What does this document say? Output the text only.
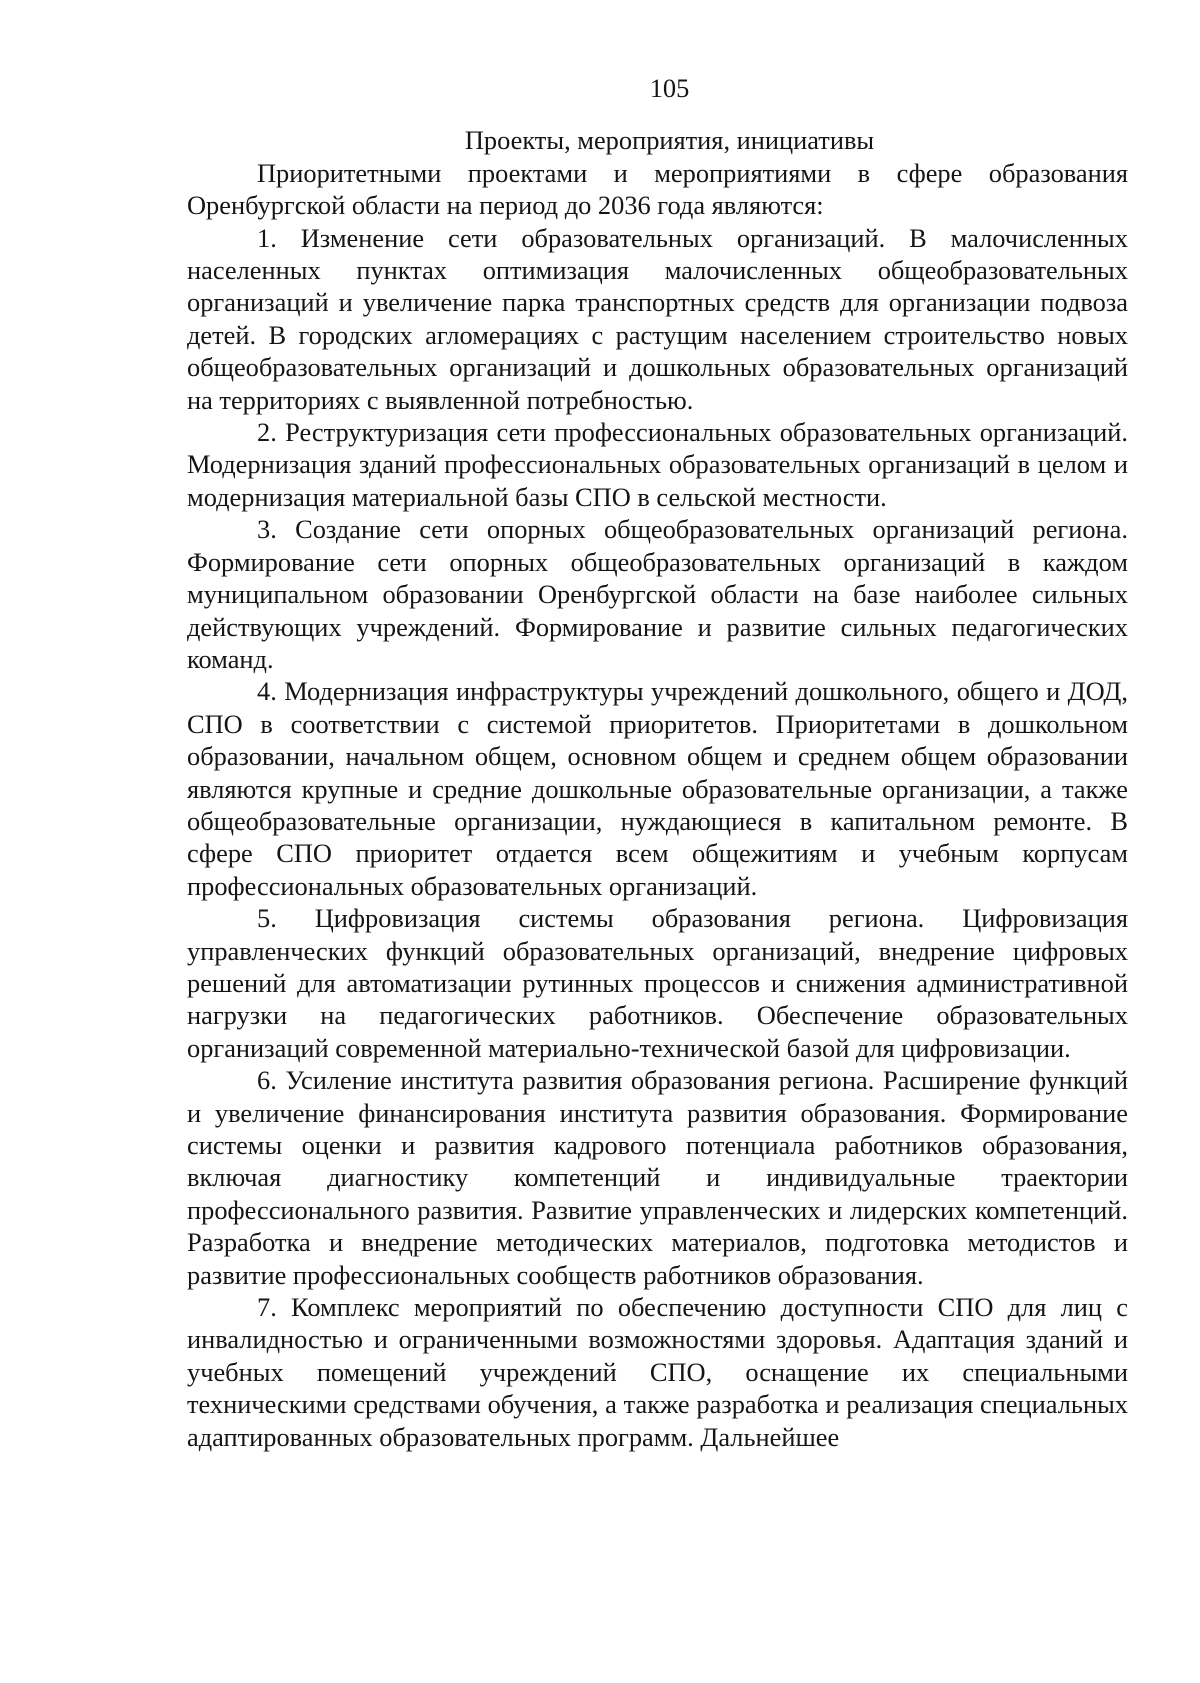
105

Проекты, мероприятия, инициативы

Приоритетными проектами и мероприятиями в сфере образования Оренбургской области на период до 2036 года являются:

1. Изменение сети образовательных организаций. В малочисленных населенных пунктах оптимизация малочисленных общеобразовательных организаций и увеличение парка транспортных средств для организации подвоза детей. В городских агломерациях с растущим населением строительство новых общеобразовательных организаций и дошкольных образовательных организаций на территориях с выявленной потребностью.

2. Реструктуризация сети профессиональных образовательных организаций. Модернизация зданий профессиональных образовательных организаций в целом и модернизация материальной базы СПО в сельской местности.

3. Создание сети опорных общеобразовательных организаций региона. Формирование сети опорных общеобразовательных организаций в каждом муниципальном образовании Оренбургской области на базе наиболее сильных действующих учреждений. Формирование и развитие сильных педагогических команд.

4. Модернизация инфраструктуры учреждений дошкольного, общего и ДОД, СПО в соответствии с системой приоритетов. Приоритетами в дошкольном образовании, начальном общем, основном общем и среднем общем образовании являются крупные и средние дошкольные образовательные организации, а также общеобразовательные организации, нуждающиеся в капитальном ремонте. В сфере СПО приоритет отдается всем общежитиям и учебным корпусам профессиональных образовательных организаций.

5. Цифровизация системы образования региона. Цифровизация управленческих функций образовательных организаций, внедрение цифровых решений для автоматизации рутинных процессов и снижения административной нагрузки на педагогических работников. Обеспечение образовательных организаций современной материально-технической базой для цифровизации.

6. Усиление института развития образования региона. Расширение функций и увеличение финансирования института развития образования. Формирование системы оценки и развития кадрового потенциала работников образования, включая диагностику компетенций и индивидуальные траектории профессионального развития. Развитие управленческих и лидерских компетенций. Разработка и внедрение методических материалов, подготовка методистов и развитие профессиональных сообществ работников образования.

7. Комплекс мероприятий по обеспечению доступности СПО для лиц с инвалидностью и ограниченными возможностями здоровья. Адаптация зданий и учебных помещений учреждений СПО, оснащение их специальными техническими средствами обучения, а также разработка и реализация специальных адаптированных образовательных программ. Дальнейшее
